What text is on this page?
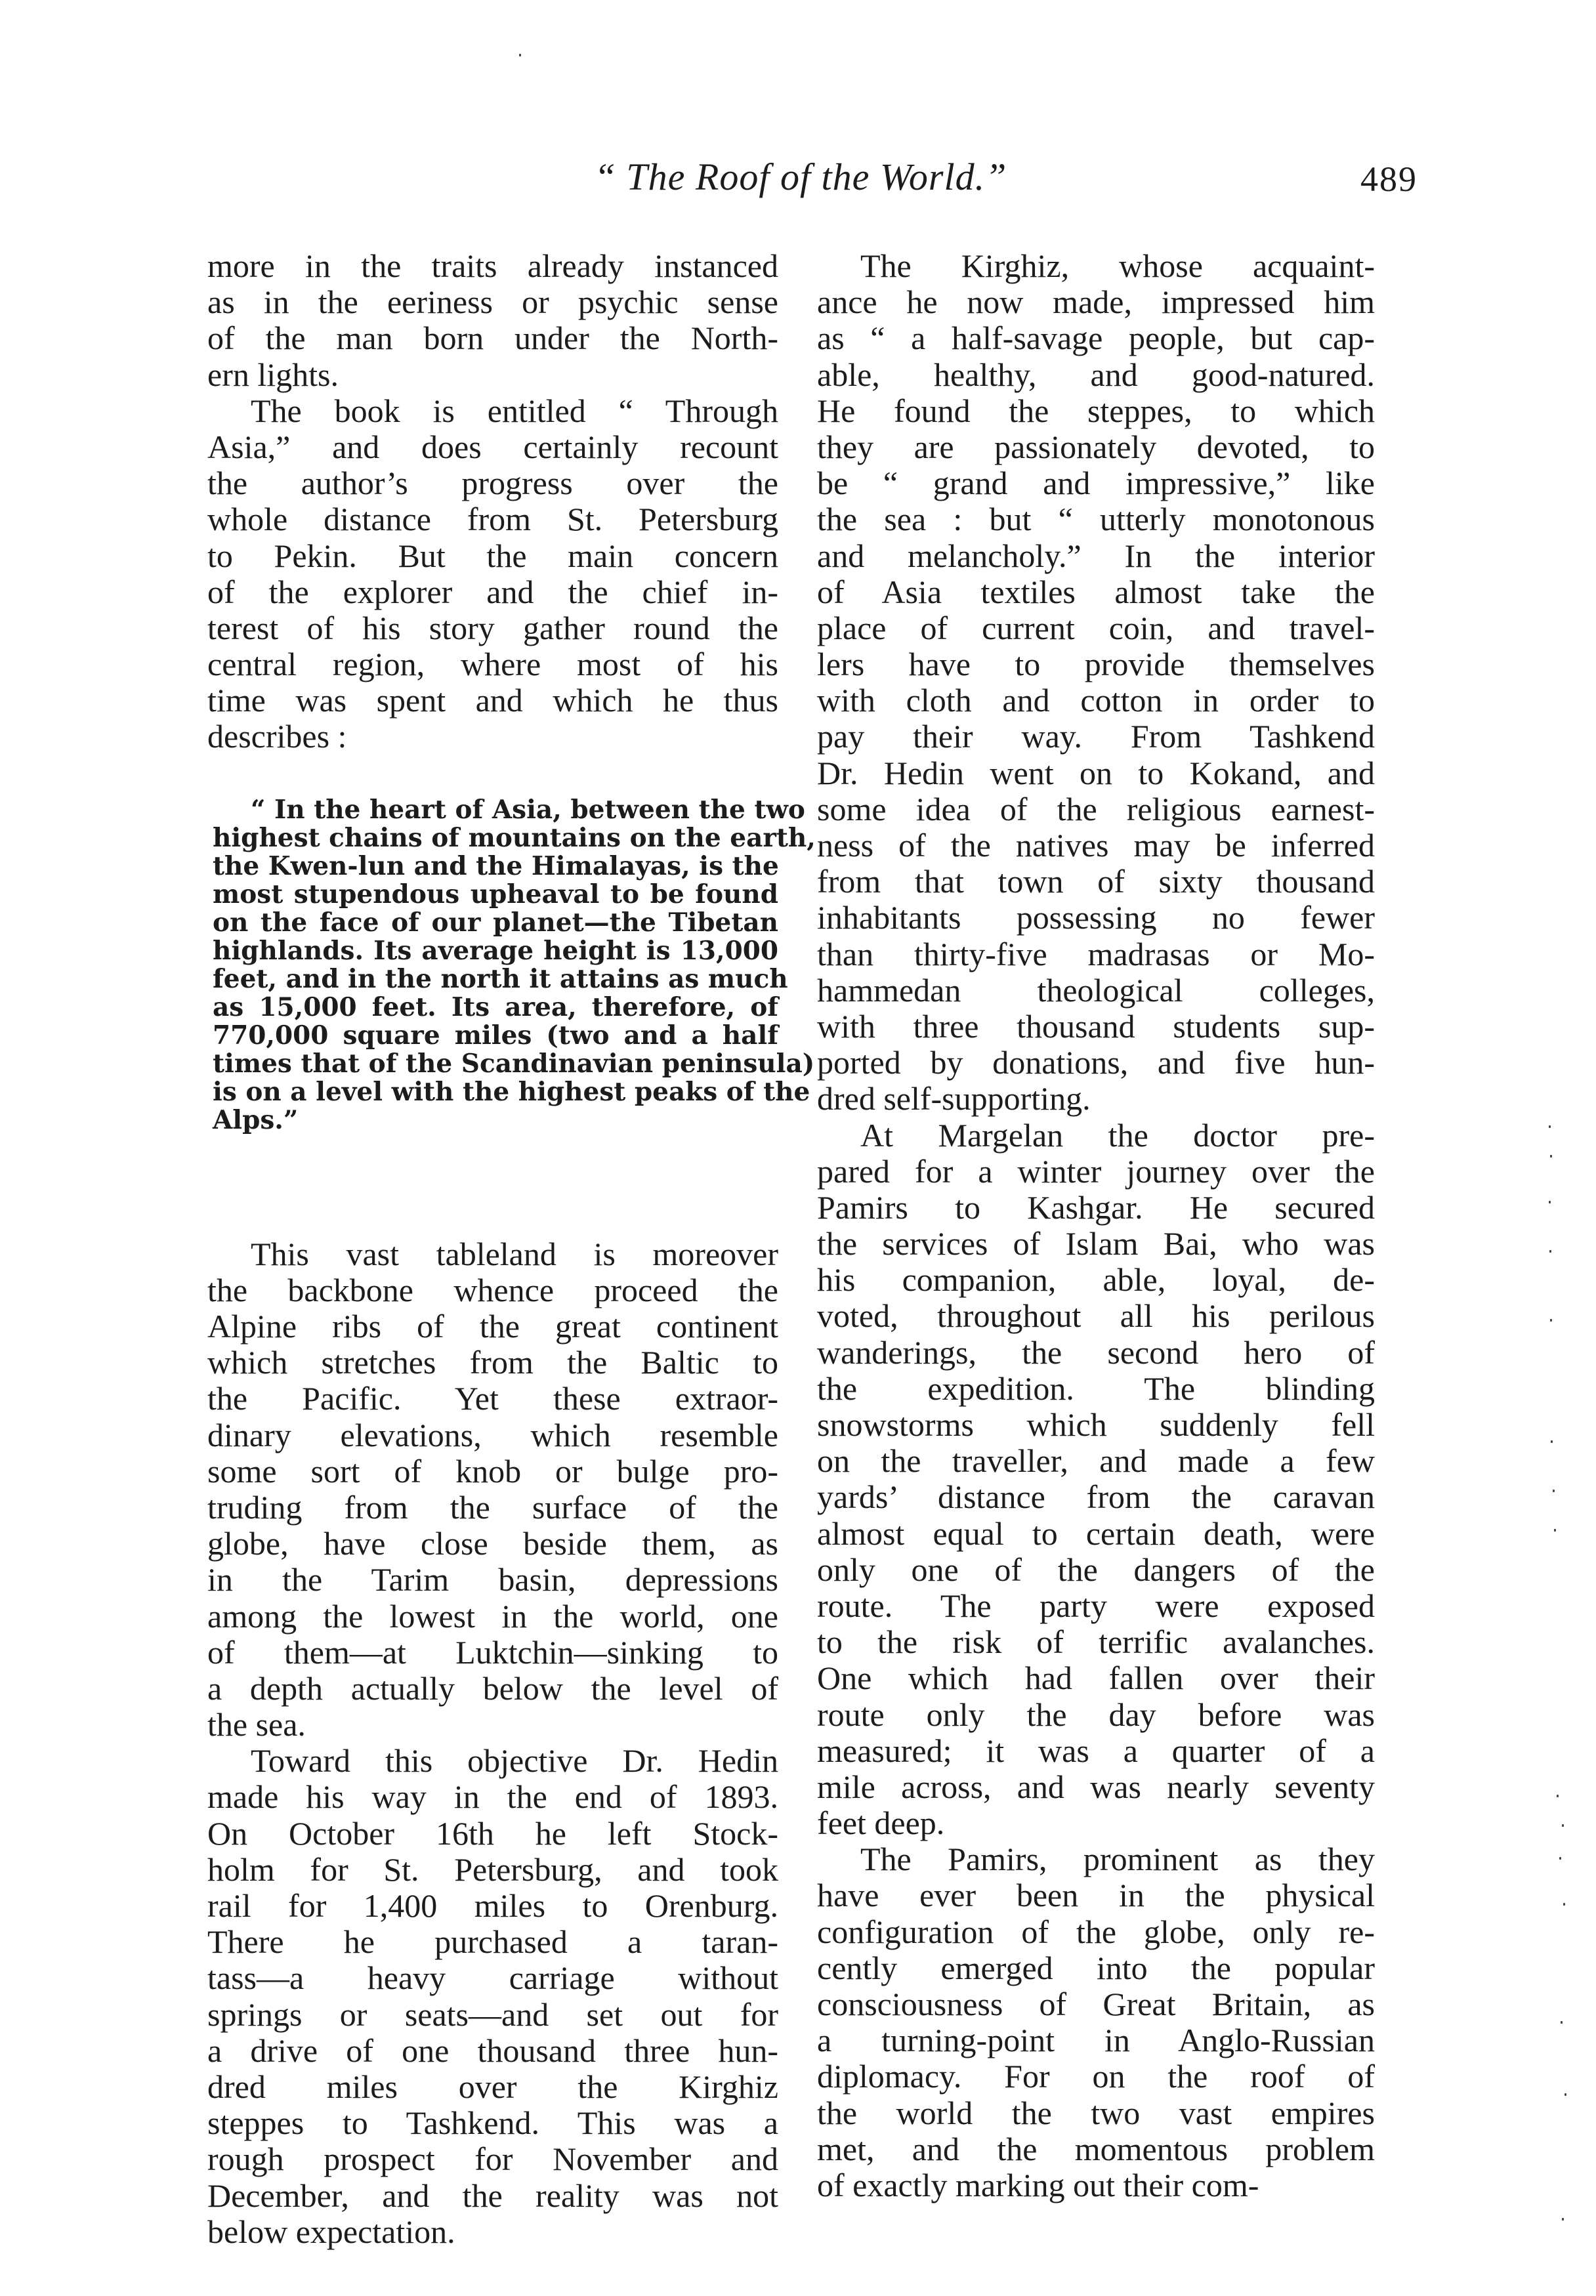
“ The Roof of the World.”	489
more in the traits already instanced
as in the eeriness or psychic sense
of the man born under the North-
ern lights.
The book is entitled “ Through
Asia,” and does certainly recount
the author’s progress over the
whole distance from St. Petersburg
to Pekin. But the main concern
of the explorer and the chief in-
terest of his story gather round the
central region, where most of his
time was spent and which he thus
describes :
“ In the heart of Asia, between the two
highest chains of mountains on the earth,
the Kwen-lun and the Himalayas, is the
most stupendous upheaval to be found
on the face of our planet—the Tibetan
highlands. Its average height is 13,000
feet, and in the north it attains as much
as 15,000 feet. Its area, therefore, of
770,000 square miles (two and a half
times that of the Scandinavian peninsula)
is on a level with the highest peaks of the
Alps.”
This vast tableland is moreover
the backbone whence proceed the
Alpine ribs of the great continent
which stretches from the Baltic to
the Pacific. Yet these extraor-
dinary elevations, which resemble
some sort of knob or bulge pro-
truding from the surface of the
globe, have close beside them, as
in the Tarim basin, depressions
among the lowest in the world, one
of them—at Luktchin—sinking to
a depth actually below the level of
the sea.
Toward this objective Dr. Hedin
made his way in the end of 1893.
On October 16th he left Stock-
holm for St. Petersburg, and took
rail for 1,400 miles to Orenburg.
There he purchased a taran-
tass—a heavy carriage without
springs or seats—and set out for
a drive of one thousand three hun-
dred miles over the Kirghiz
steppes to Tashkend. This was a
rough prospect for November and
December, and the reality was not
below expectation.
The Kirghiz, whose acquaint-
ance he now made, impressed him
as “ a half-savage people, but cap-
able, healthy, and good-natured.
He found the steppes, to which
they are passionately devoted, to
be “ grand and impressive,” like
the sea : but “ utterly monotonous
and melancholy.” In the interior
of Asia textiles almost take the
place of current coin, and travel-
lers have to provide themselves
with cloth and cotton in order to
pay their way. From Tashkend
Dr. Hedin went on to Kokand, and
some idea of the religious earnest-
ness of the natives may be inferred
from that town of sixty thousand
inhabitants possessing no fewer
than thirty-five madrasas or Mo-
hammedan theological colleges,
with three thousand students sup-
ported by donations, and five hun-
dred self-supporting.
At Margelan the doctor pre-
pared for a winter journey over the
Pamirs to Kashgar. He secured
the services of Islam Bai, who was
his companion, able, loyal, de-
voted, throughout all his perilous
wanderings, the second hero of
the expedition. The blinding
snowstorms which suddenly fell
on the traveller, and made a few
yards’ distance from the caravan
almost equal to certain death, were
only one of the dangers of the
route. The party were exposed
to the risk of terrific avalanches.
One which had fallen over their
route only the day before was
measured; it was a quarter of a
mile across, and was nearly seventy
feet deep.
The Pamirs, prominent as they
have ever been in the physical
configuration of the globe, only re-
cently emerged into the popular
consciousness of Great Britain, as
a turning-point in Anglo-Russian
diplomacy. For on the roof of
the world the two vast empires
met, and the momentous problem
of exactly marking out their com-
